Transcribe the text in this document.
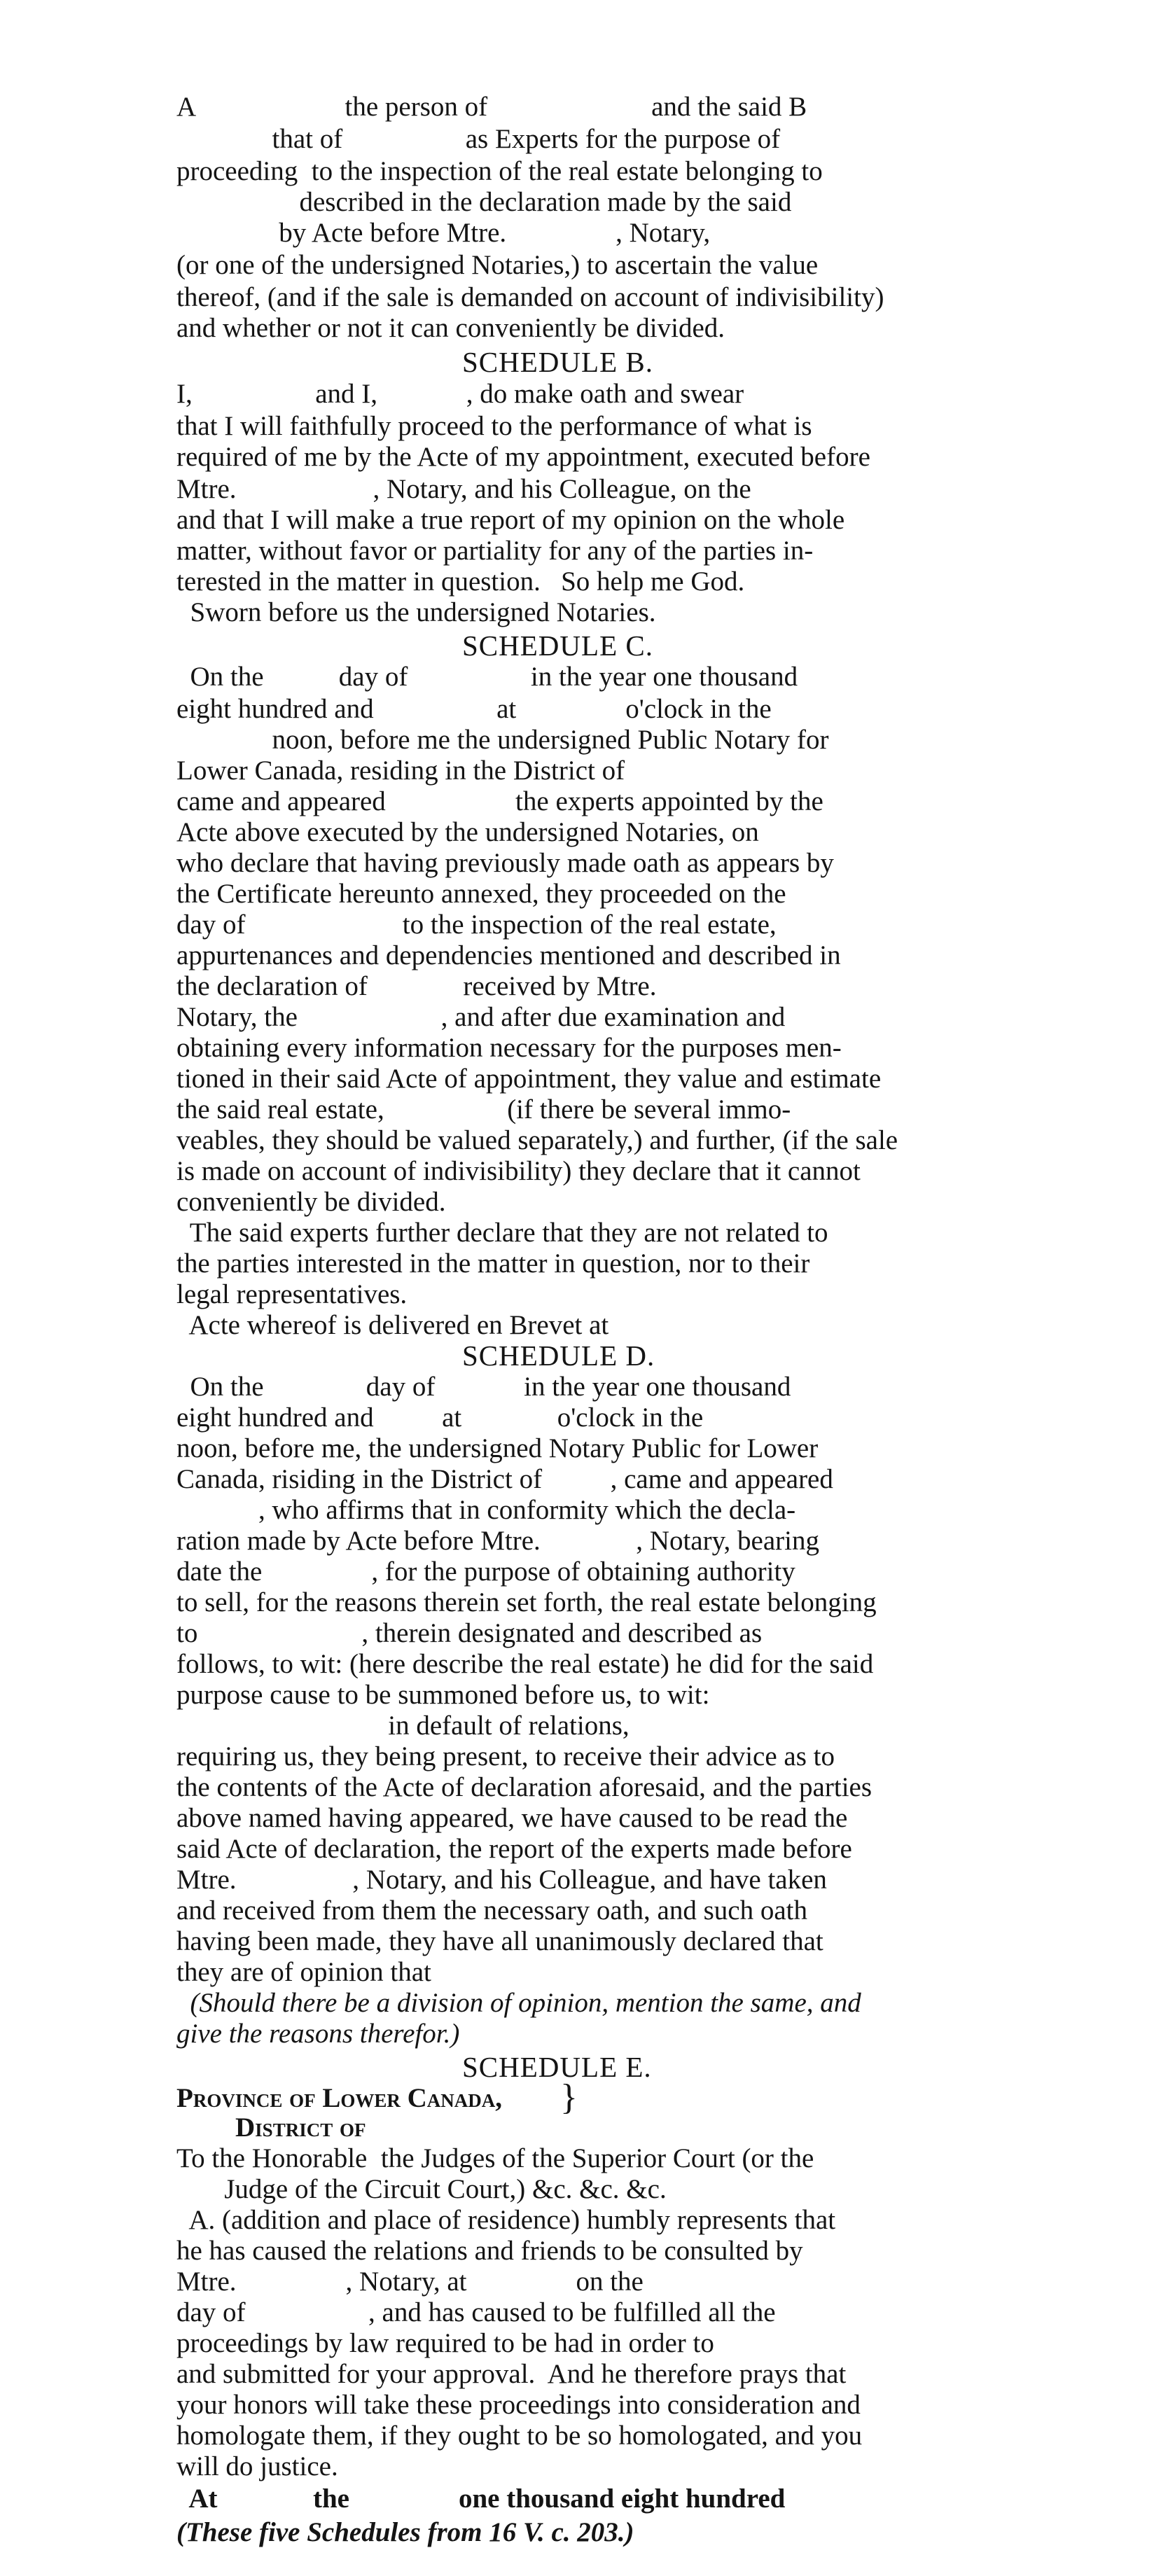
A                      the person of                        and the said B
that of                  as Experts for the purpose of
proceeding  to the inspection of the real estate belonging to
described in the declaration made by the said
by Acte before Mtre.                , Notary,
(or one of the undersigned Notaries,) to ascertain the value
thereof, (and if the sale is demanded on account of indivisibility)
and whether or not it can conveniently be divided.
SCHEDULE B.
I,                  and I,             , do make oath and swear
that I will faithfully proceed to the performance of what is
required of me by the Acte of my appointment, executed before
Mtre.                    , Notary, and his Colleague, on the
and that I will make a true report of my opinion on the whole
matter, without favor or partiality for any of the parties in-
terested in the matter in question.   So help me God.
Sworn before us the undersigned Notaries.
SCHEDULE C.
On the           day of                  in the year one thousand
eight hundred and                  at                o'clock in the
noon, before me the undersigned Public Notary for
Lower Canada, residing in the District of
came and appeared                   the experts appointed by the
Acte above executed by the undersigned Notaries, on
who declare that having previously made oath as appears by
the Certificate hereunto annexed, they proceeded on the
day of                       to the inspection of the real estate,
appurtenances and dependencies mentioned and described in
the declaration of              received by Mtre.
Notary, the                     , and after due examination and
obtaining every information necessary for the purposes men-
tioned in their said Acte of appointment, they value and estimate
the said real estate,                  (if there be several immo-
veables, they should be valued separately,) and further, (if the sale
is made on account of indivisibility) they declare that it cannot
conveniently be divided.
The said experts further declare that they are not related to
the parties interested in the matter in question, nor to their
legal representatives.
Acte whereof is delivered en Brevet at
SCHEDULE D.
On the               day of             in the year one thousand
eight hundred and          at              o'clock in the
noon, before me, the undersigned Notary Public for Lower
Canada, risiding in the District of          , came and appeared
, who affirms that in conformity which the decla-
ration made by Acte before Mtre.              , Notary, bearing
date the                , for the purpose of obtaining authority
to sell, for the reasons therein set forth, the real estate belonging
to                        , therein designated and described as
follows, to wit: (here describe the real estate) he did for the said
purpose cause to be summoned before us, to wit:
in default of relations,
requiring us, they being present, to receive their advice as to
the contents of the Acte of declaration aforesaid, and the parties
above named having appeared, we have caused to be read the
said Acte of declaration, the report of the experts made before
Mtre.                 , Notary, and his Colleague, and have taken
and received from them the necessary oath, and such oath
having been made, they have all unanimously declared that
they are of opinion that
(Should there be a division of opinion, mention the same, and
give the reasons therefor.)
SCHEDULE E.
Province of Lower Canada,
District of
}
To the Honorable  the Judges of the Superior Court (or the
Judge of the Circuit Court,) &c. &c. &c.
A. (addition and place of residence) humbly represents that
he has caused the relations and friends to be consulted by
Mtre.                , Notary, at                on the
day of                  , and has caused to be fulfilled all the
proceedings by law required to be had in order to
and submitted for your approval.  And he therefore prays that
your honors will take these proceedings into consideration and
homologate them, if they ought to be so homologated, and you
will do justice.
At              the                one thousand eight hundred
(These five Schedules from 16 V. c. 203.)
